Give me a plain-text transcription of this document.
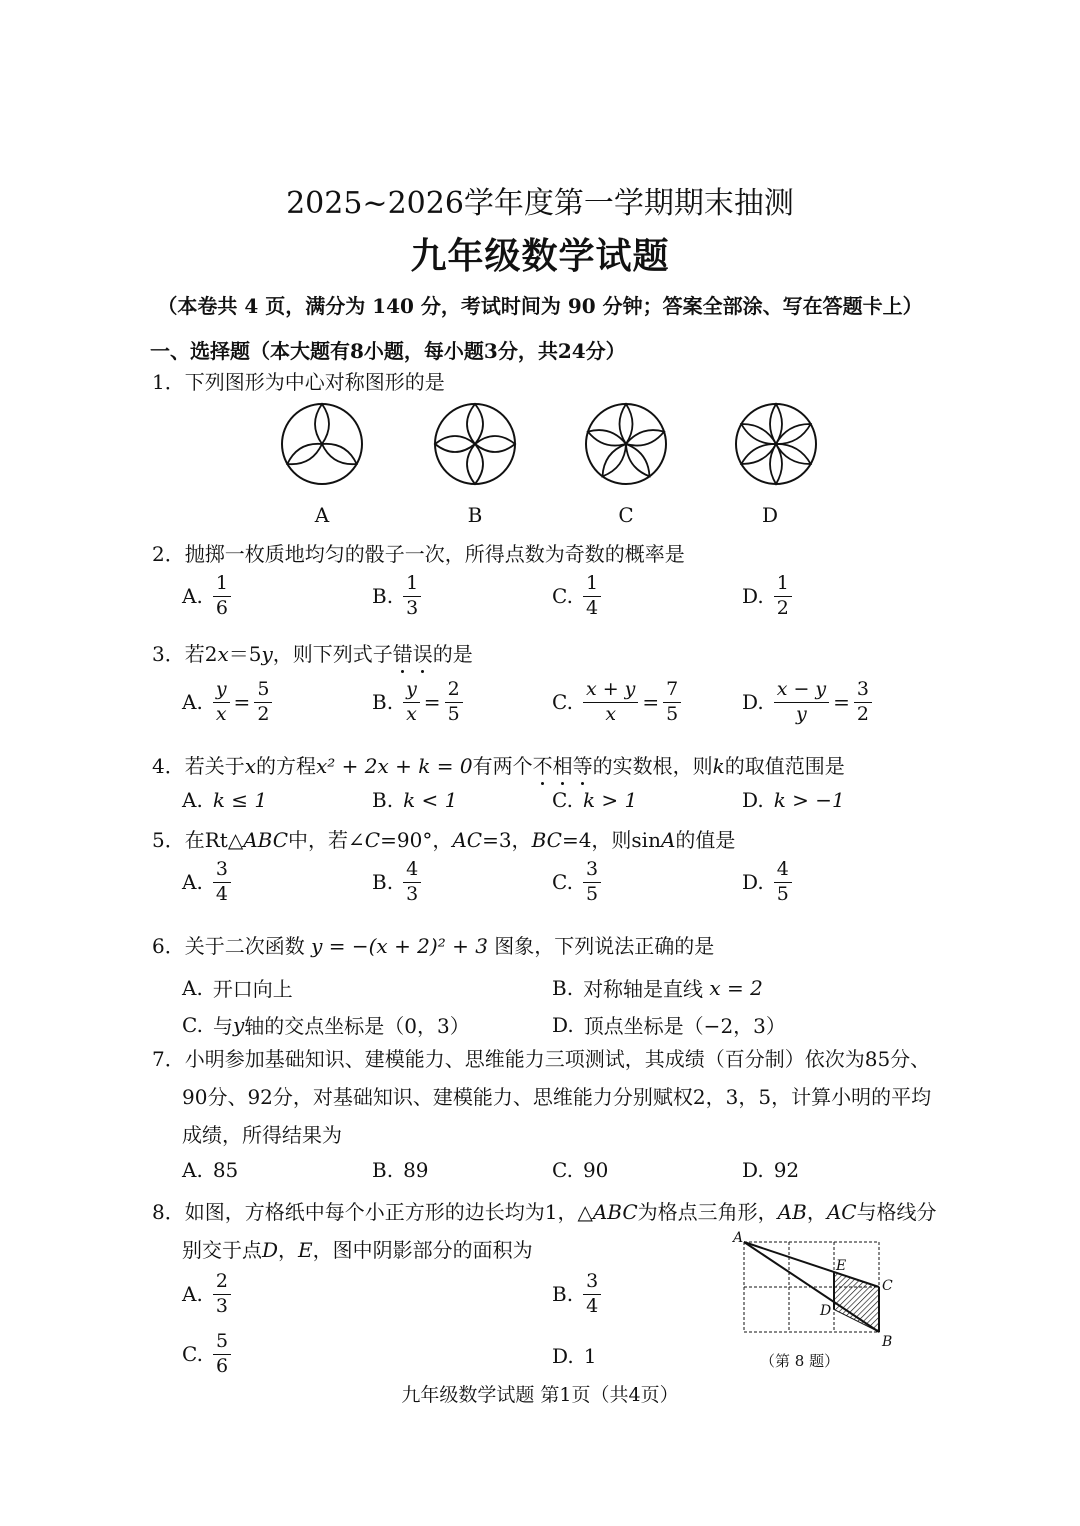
2025~2026学年度第一学期期末抽测
九年级数学试题
（本卷共 4 页，满分为 140 分，考试时间为 90 分钟；答案全部涂、写在答题卡上）
一、选择题（本大题有8小题，每小题3分，共24分）
1．下列图形为中心对称图形的是
A	B	C	D
2．抛掷一枚质地均匀的骰子一次，所得点数为奇数的概率是
A. $\frac{1}{6}$	B. $\frac{1}{3}$	C. $\frac{1}{4}$	D. $\frac{1}{2}$
3．若2x＝5y，则下列式子错误的是
A. $\frac{y}{x} = \frac{5}{2}$	B. $\frac{y}{x} = \frac{2}{5}$	C. $\frac{x + y}{x} = \frac{7}{5}$	D. $\frac{x - y}{y} = \frac{3}{2}$
4．若关于x的方程x² + 2x + k = 0有两个不相等的实数根，则k的取值范围是
A. k ≤ 1	B. k < 1	C. k > 1	D. k > −1
5．在Rt△ABC中，若∠C=90°，AC=3，BC=4，则sinA的值是
A. $\frac{3}{4}$	B. $\frac{4}{3}$	C. $\frac{3}{5}$	D. $\frac{4}{5}$
6．关于二次函数 y = −(x + 2)² + 3 图象，下列说法正确的是
A. 开口向上	B. 对称轴是直线
x = 2
C. 与 y 轴的交点坐标是（0，3）	D. 顶点坐标是（−2，3）
7．小明参加基础知识、建模能力、思维能力三项测试，其成绩（百分制）依次为85分、
90分、92分，对基础知识、建模能力、思维能力分别赋权2，3，5，计算小明的平均
成绩，所得结果为
A. 85	B. 89	C. 90	D. 92
8．如图，方格纸中每个小正方形的边长均为1，△ABC为格点三角形，AB，AC与格线分
别交于点D，E，图中阴影部分的面积为
A. $\frac{2}{3}$	B. $\frac{3}{4}$
C. $\frac{5}{6}$	D. 1
A
E
C
D
B
（第 8 题）
九年级数学试题 第1页（共4页）
